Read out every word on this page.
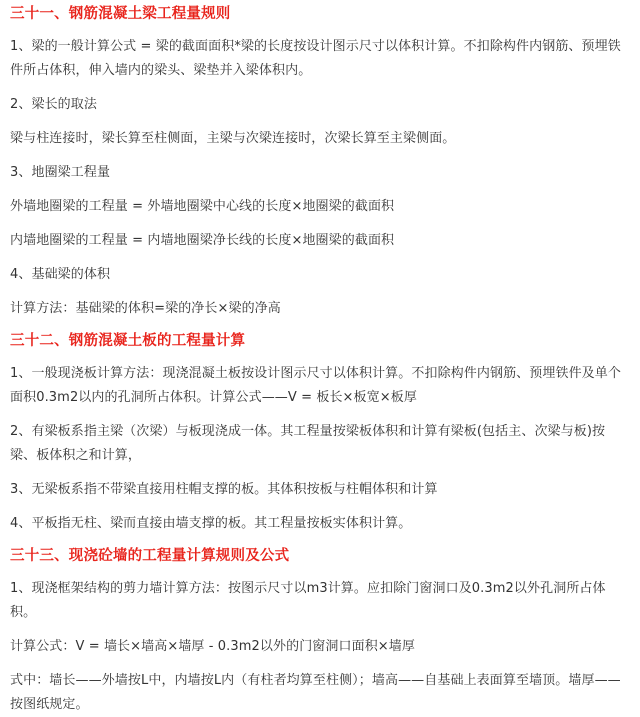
三十一、钢筋混凝土梁工程量规则

1、梁的一般计算公式 = 梁的截面面积*梁的长度按设计图示尺寸以体积计算。不扣除构件内钢筋、预埋铁件所占体积，伸入墙内的梁头、梁垫并入梁体积内。

2、梁长的取法

梁与柱连接时，梁长算至柱侧面，主梁与次梁连接时，次梁长算至主梁侧面。

3、地圈梁工程量

外墙地圈梁的工程量 = 外墙地圈梁中心线的长度×地圈梁的截面积

内墙地圈梁的工程量 = 内墙地圈梁净长线的长度×地圈梁的截面积

4、基础梁的体积

计算方法：基础梁的体积=梁的净长×梁的净高

三十二、钢筋混凝土板的工程量计算

1、一般现浇板计算方法：现浇混凝土板按设计图示尺寸以体积计算。不扣除构件内钢筋、预埋铁件及单个面积0.3m2以内的孔洞所占体积。计算公式——V = 板长×板宽×板厚

2、有梁板系指主梁（次梁）与板现浇成一体。其工程量按梁板体积和计算有梁板(包括主、次梁与板)按梁、板体积之和计算，

3、无梁板系指不带梁直接用柱帽支撑的板。其体积按板与柱帽体积和计算

4、平板指无柱、梁而直接由墙支撑的板。其工程量按板实体积计算。

三十三、现浇砼墙的工程量计算规则及公式

1、现浇框架结构的剪力墙计算方法：按图示尺寸以m3计算。应扣除门窗洞口及0.3m2以外孔洞所占体积。

计算公式：V = 墙长×墙高×墙厚 - 0.3m2以外的门窗洞口面积×墙厚

式中：墙长——外墙按L中，内墙按L内（有柱者均算至柱侧）；墙高——自基础上表面算至墙顶。墙厚——按图纸规定。
